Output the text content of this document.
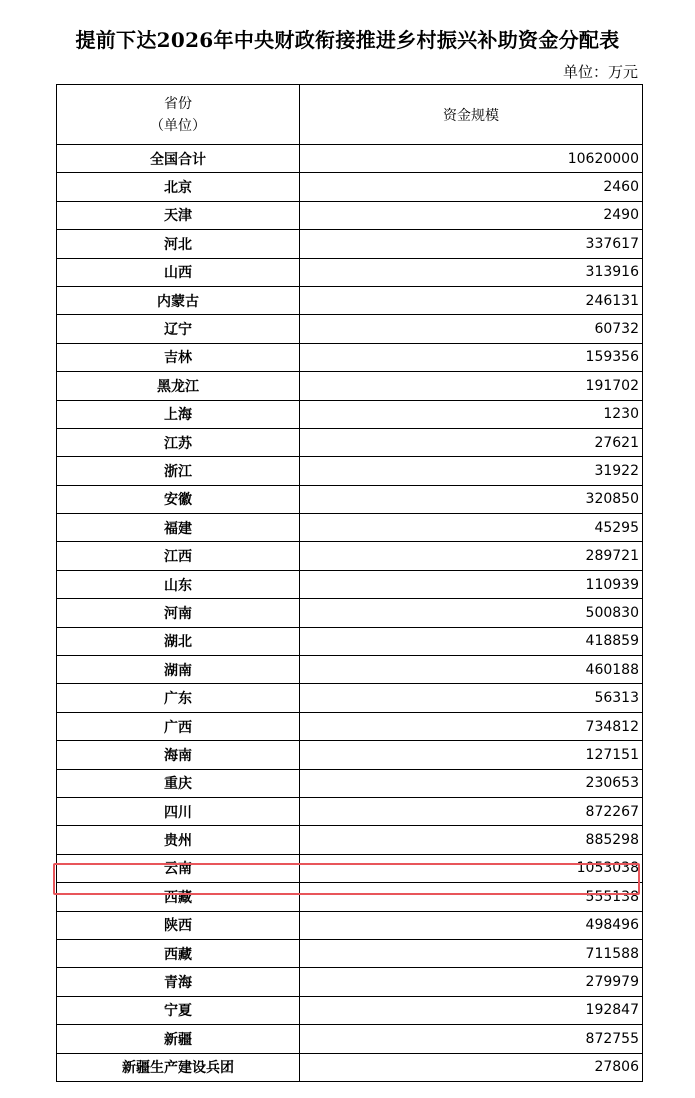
提前下达2026年中央财政衔接推进乡村振兴补助资金分配表
单位：万元
省份
（单位）	资金规模
全国合计	10620000
北京	2460
天津	2490
河北	337617
山西	313916
内蒙古	246131
辽宁	60732
吉林	159356
黑龙江	191702
上海	1230
江苏	27621
浙江	31922
安徽	320850
福建	45295
江西	289721
山东	110939
河南	500830
湖北	418859
湖南	460188
广东	56313
广西	734812
海南	127151
重庆	230653
四川	872267
贵州	885298
云南	1053038
西藏	555138
陕西	498496
西藏	711588
青海	279979
宁夏	192847
新疆	872755
新疆生产建设兵团	27806
